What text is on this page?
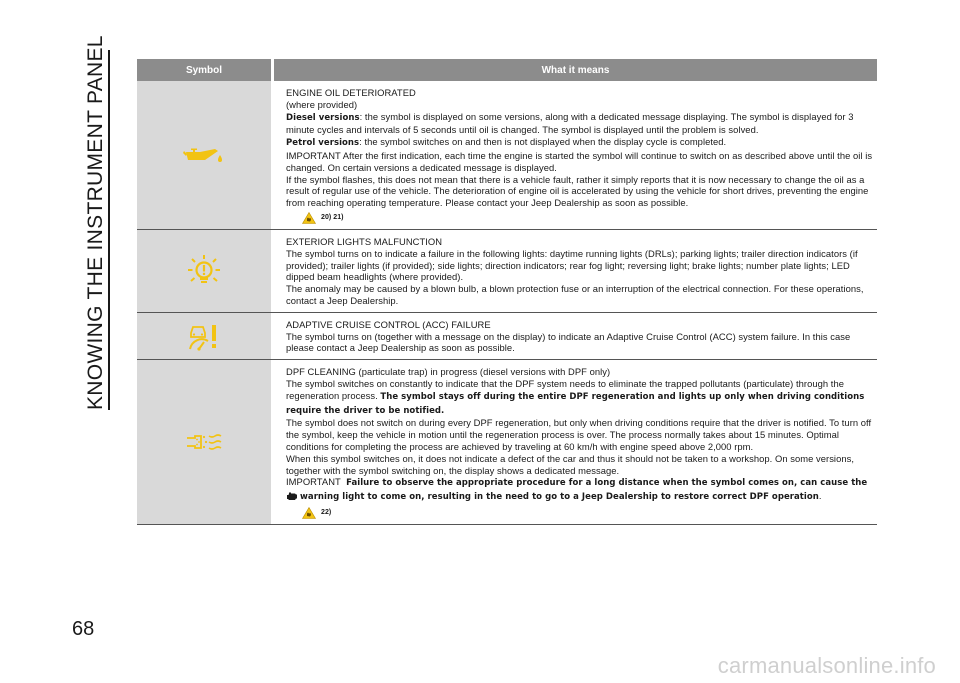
KNOWING THE INSTRUMENT PANEL
68
Symbol	What it means

ENGINE OIL DETERIORATED

(where provided)

Diesel versions: the symbol is displayed on some versions, along with a dedicated message displaying. The symbol is displayed for 3 minute cycles and intervals of 5 seconds until oil is changed. The symbol is displayed until the problem is solved.

Petrol versions: the symbol switches on and then is not displayed when the display cycle is completed.

IMPORTANT After the first indication, each time the engine is started the symbol will continue to switch on as described above until the oil is changed. On certain versions a dedicated message is displayed.

If the symbol flashes, this does not mean that there is a vehicle fault, rather it simply reports that it is now necessary to change the oil as a result of regular use of the vehicle. The deterioration of engine oil is accelerated by using the vehicle for short drives, preventing the engine from reaching operating temperature. Please contact your Jeep Dealership as soon as possible.

20) 21)

EXTERIOR LIGHTS MALFUNCTION

The symbol turns on to indicate a failure in the following lights: daytime running lights (DRLs); parking lights; trailer direction indicators (if provided); trailer lights (if provided); side lights; direction indicators; rear fog light; reversing light; brake lights; number plate lights; LED dipped beam headlights (where provided).

The anomaly may be caused by a blown bulb, a blown protection fuse or an interruption of the electrical connection. For these operations, contact a Jeep Dealership.

ADAPTIVE CRUISE CONTROL (ACC) FAILURE

The symbol turns on (together with a message on the display) to indicate an Adaptive Cruise Control (ACC) system failure. In this case please contact a Jeep Dealership as soon as possible.

DPF CLEANING (particulate trap) in progress (diesel versions with DPF only)

The symbol switches on constantly to indicate that the DPF system needs to eliminate the trapped pollutants (particulate) through the regeneration process. The symbol stays off during the entire DPF regeneration and lights up only when driving conditions require the driver to be notified.

The symbol does not switch on during every DPF regeneration, but only when driving conditions require that the driver is notified. To turn off the symbol, keep the vehicle in motion until the regeneration process is over. The process normally takes about 15 minutes. Optimal conditions for completing the process are achieved by traveling at 60 km/h with engine speed above 2,000 rpm.

When this symbol switches on, it does not indicate a defect of the car and thus it should not be taken to a workshop. On some versions, together with the symbol switching on, the display shows a dedicated message.

IMPORTANT Failure to observe the appropriate procedure for a long distance when the symbol comes on, can cause the

warning light to come on, resulting in the need to go to a Jeep Dealership to restore correct DPF operation.

22)
carmanualsonline.info
